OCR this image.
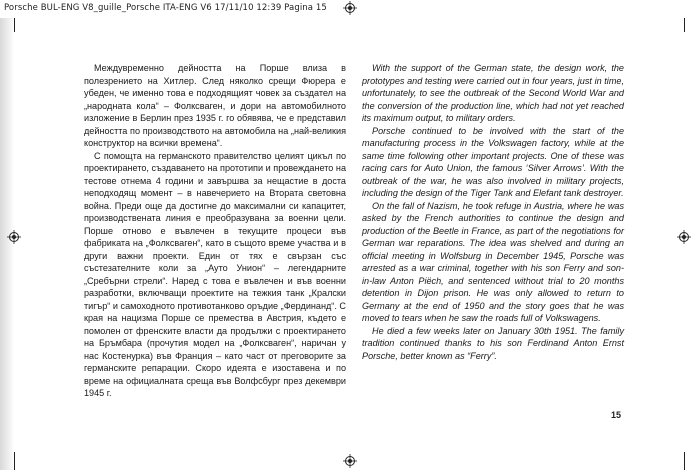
Porsche BUL-ENG V8_guille_Porsche ITA-ENG V6 17/11/10 12:39 Pagina 15

Междувременно дейността на Порше влиза в полезрението на Хитлер. След няколко срещи Фюрера е убеден, че именно това е подходящият човек за създател на „народната кола“ – Фолксваген, и дори на автомобилното изложение в Берлин през 1935 г. го обявява, че е представил дейността по производството на автомобила на „най-великия конструктор на всички времена“.

С помощта на германското правителство целият цикъл по проектирането, създаването на прототипи и провеждането на тестове отнема 4 години и завършва за нещастие в доста неподходящ момент – в навечерието на Втората световна война. Преди още да достигне до максимални си капацитет, производствената линия е преобразувана за военни цели. Порше отново е въвлечен в текущите процеси във фабриката на „Фолксваген“, като в същото време участва и в други важни проекти. Един от тях е свързан със състезателните коли за „Ауто Унион“ – легендарните „Сребърни стрели“. Наред с това е въвлечен и във военни разработки, включващи проектите на тежкия танк „Кралски тигър“ и самоходното противотанково оръдие „Фердинанд“. С края на нацизма Порше се премества в Австрия, където е помолен от френските власти да продължи с проектирането на Бръмбара (прочутия модел на „Фолксваген“, наричан у нас Костенурка) във Франция – като част от преговорите за германските репарации. Скоро идеята е изоставена и по време на официалната среща във Волфсбург през декември 1945 г.

With the support of the German state, the design work, the prototypes and testing were carried out in four years, just in time, unfortunately, to see the outbreak of the Second World War and the conversion of the production line, which had not yet reached its maximum output, to military orders.

Porsche continued to be involved with the start of the manufacturing process in the Volkswagen factory, while at the same time following other important projects. One of these was racing cars for Auto Union, the famous ‘Silver Arrows’. With the outbreak of the war, he was also involved in military projects, including the design of the Tiger Tank and Elefant tank destroyer.

On the fall of Nazism, he took refuge in Austria, where he was asked by the French authorities to continue the design and production of the Beetle in France, as part of the negotiations for German war reparations. The idea was shelved and during an official meeting in Wolfsburg in December 1945, Porsche was arrested as a war criminal, together with his son Ferry and son-in-law Anton Piëch, and sentenced without trial to 20 months detention in Dijon prison. He was only allowed to return to Germany at the end of 1950 and the story goes that he was moved to tears when he saw the roads full of Volkswagens.

He died a few weeks later on January 30th 1951. The family tradition continued thanks to his son Ferdinand Anton Ernst Porsche, better known as “Ferry”.

15
